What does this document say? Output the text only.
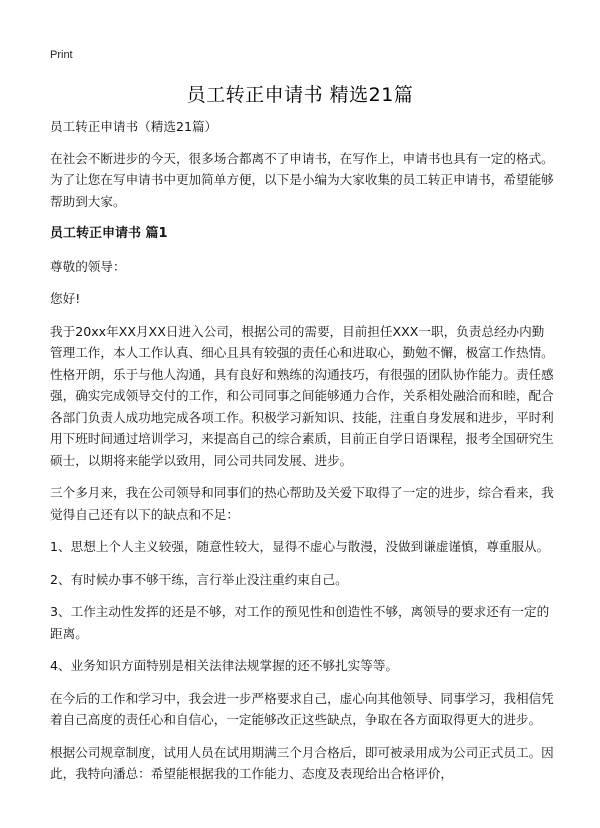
Print
员工转正申请书 精选21篇

员工转正申请书（精选21篇）

在社会不断进步的今天，很多场合都离不了申请书，在写作上，申请书也具有一定的格式。为了让您在写申请书中更加简单方便，以下是小编为大家收集的员工转正申请书，希望能够帮助到大家。

员工转正申请书 篇1

尊敬的领导：

您好!

我于20xx年XX月XX日进入公司，根据公司的需要，目前担任XXX一职，负责总经办内勤管理工作，本人工作认真、细心且具有较强的责任心和进取心，勤勉不懈，极富工作热情。性格开朗，乐于与他人沟通，具有良好和熟练的沟通技巧，有很强的团队协作能力。责任感强，确实完成领导交付的工作，和公司同事之间能够通力合作，关系相处融洽而和睦，配合各部门负责人成功地完成各项工作。积极学习新知识、技能，注重自身发展和进步，平时利用下班时间通过培训学习，来提高自己的综合素质，目前正自学日语课程，报考全国研究生硕士，以期将来能学以致用，同公司共同发展、进步。

三个多月来，我在公司领导和同事们的热心帮助及关爱下取得了一定的进步，综合看来，我觉得自己还有以下的缺点和不足：

1、思想上个人主义较强，随意性较大，显得不虚心与散漫，没做到谦虚谨慎，尊重服从。

2、有时候办事不够干练，言行举止没注重约束自己。

3、工作主动性发挥的还是不够，对工作的预见性和创造性不够，离领导的要求还有一定的距离。

4、业务知识方面特别是相关法律法规掌握的还不够扎实等等。

在今后的工作和学习中，我会进一步严格要求自己，虚心向其他领导、同事学习，我相信凭着自己高度的责任心和自信心，一定能够改正这些缺点，争取在各方面取得更大的进步。

根据公司规章制度，试用人员在试用期满三个月合格后，即可被录用成为公司正式员工。因此，我特向潘总：希望能根据我的工作能力、态度及表现给出合格评价，
